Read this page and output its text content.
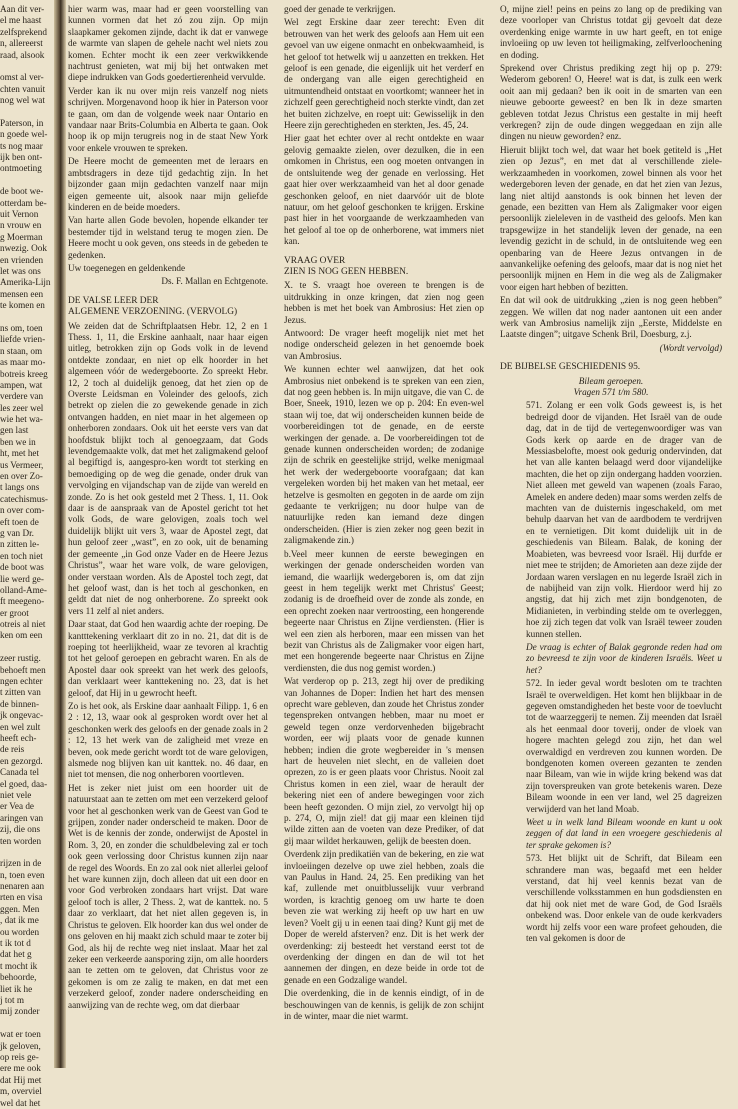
Aan dit ver-
el me haast
zelfsprekend
n, allereerst
raad, alsook
omst al ver-
chten vanuit
nog wel wat
Paterson, in
n goede wel-
ts nog maar
ijk ben ont-
ontmoeting
de boot we-
otterdam be-
uit Vernon
n vrouw en
g Moerman
nwezig. Ook
en vrienden
let was ons
Amerika-Lijn
mensen een
te komen en
ns om, toen
liefde vrien-
n staan, om
as maar mo-
botreis kreeg
ampen, wat
verdere van
les zeer wel
wie het wa-
gen last
ben we in
ht, met het
us Vermeer,
en over Zo-
t langs ons
catechismus-
n over com-
eft toen de
g van Dr.
n zitten le-
en toch niet
de boot was
lie werd ge-
olland-Ame-
ft meegeno-
er groot
otreis al niet
ken om een
zeer rustig.
behoeft men
ngen echter
t zitten van
de binnen-
jk ongevac-
en wel zult
heeft ech-
de reis
en gezorgd.
Canada tel
el goed, daa-
niet vele
er Vea de
aringen van
zij, die ons
ten worden
rijzen in de
n, toen even
nenaren aan
rten en visa
ggen. Men
, dat ik me
ou worden
t ik tot d
dat het g
t mocht ik
behoorde,
liet ik he
j tot m
mij zonder
wat er toen
jk geloven,
op reis ge-
ere me ook
dat Hij met
m, overviel
wel dat het

hier warm was, maar had er geen voorstelling van kunnen vormen dat het zó zou zijn. Op mijn slaapkamer gekomen zijnde, dacht ik dat er vanwege de warmte van slapen de gehele nacht wel niets zou komen. Echter mocht ik een zeer verkwikkende nachtrust genieten, wat mij bij het ontwaken met diepe indrukken van Gods goedertierenheid vervulde.

Verder kan ik nu over mijn reis vanzelf nog niets schrijven. Morgenavond hoop ik hier in Paterson voor te gaan, om dan de volgende week naar Ontario en vandaar naar Brits-Columbia en Alberta te gaan. Ook hoop ik op mijn terugreis nog in de staat New York voor enkele vrouwen te spreken.

De Heere mocht de gemeenten met de leraars en ambtsdragers in deze tijd gedachtig zijn. In het bijzonder gaan mijn gedachten vanzelf naar mijn eigen gemeente uit, alsook naar mijn geliefde kinderen en de beide moeders.

Van harte allen Gode bevolen, hopende elkander ter bestemder tijd in welstand terug te mogen zien. De Heere mocht u ook geven, ons steeds in de gebeden te gedenken.

Uw toegenegen en geldenkende

Ds. F. Mallan en Echtgenote.

DE VALSE LEER DER

ALGEMENE VERZOENING. (VERVOLG)

We zeiden dat de Schriftplaatsen Hebr. 12, 2 en 1 Thess. 1, 11, die Erskine aanhaalt, naar haar eigen uitleg, betrokken zijn op Gods volk in de levend ontdekte zondaar, en niet op elk hoorder in het algemeen vóór de wedergeboorte. Zo spreekt Hebr. 12, 2 toch al duidelijk genoeg, dat het zien op de Overste Leidsman en Voleinder des geloofs, zich betrekt op zielen die zo gewekende genade in zich ontvangen hadden, en niet maar in het algemeen op onherboren zondaars. Ook uit het eerste vers van dat hoofdstuk blijkt toch al genoegzaam, dat Gods levendgemaakte volk, dat met het zaligmakend geloof al begiftigd is, aangespro-ken wordt tot sterking en bemoediging op de weg die genade, onder druk van vervolging en vijandschap van de zijde van wereld en zonde. Zo is het ook gesteld met 2 Thess. 1, 11. Ook daar is de aanspraak van de Apostel gericht tot het volk Gods, de ware gelovigen, zoals toch wel duidelijk blijkt uit vers 3, waar de Apostel zegt, dat hun geloof zeer „wast”, en zo ook, uit de benaming der gemeente „in God onze Vader en de Heere Jezus Christus”, waar het ware volk, de ware gelovigen, onder verstaan worden. Als de Apostel toch zegt, dat het geloof wast, dan is het toch al geschonken, en geldt dat niet de nog onherborene. Zo spreekt ook vers 11 zelf al niet anders.

Daar staat, dat God hen waardig achte der roeping. De kantttekening verklaart dit zo in no. 21, dat dit is de roeping tot heerlijkheid, waar ze tevoren al krachtig tot het geloof geroepen en gebracht waren. En als de Apostel daar ook spreekt van het werk des geloofs, dan verklaart weer kanttekening no. 23, dat is het geloof, dat Hij in u gewrocht heeft.

Zo is het ook, als Erskine daar aanhaalt Filipp. 1, 6 en 2 : 12, 13, waar ook al gesproken wordt over het al geschonken werk des geloofs en der genade zoals in 2 : 12, 13 het werk van de zaligheid met vreze en beven, ook mede gericht wordt tot de ware gelovigen, alsmede nog blijven kan uit kanttek. no. 46 daar, en niet tot mensen, die nog onherboren voortleven.

Het is zeker niet juist om een hoorder uit de natuurstaat aan te zetten om met een verzekerd geloof voor het al geschonken werk van de Geest van God te grijpen, zonder nader onderscheid te maken. Door de Wet is de kennis der zonde, onderwijst de Apostel in Rom. 3, 20, en zonder die schuldbeleving zal er toch ook geen verlossing door Christus kunnen zijn naar de regel des Woords. En zo zal ook niet allerlei geloof het ware kunnen zijn, doch alleen dat uit een door en voor God verbroken zondaars hart vrijst. Dat ware geloof toch is aller, 2 Thess. 2, wat de kanttek. no. 5 daar zo verklaart, dat het niet allen gegeven is, in Christus te geloven. Elk hoorder kan dus wel onder de ons geloven en hij maakt zich schuld maar te zoter bij God, als hij de rechte weg niet inslaat. Maar het zal zeker een verkeerde aansporing zijn, om alle hoorders aan te zetten om te geloven, dat Christus voor ze gekomen is om ze zalig te maken, en dat met een verzekerd geloof, zonder nadere onderscheiding en aanwijzing van de rechte weg, om dat dierbaar

goed der genade te verkrijgen.

Wel zegt Erskine daar zeer terecht: Even dit betrouwen van het werk des geloofs aan Hem uit een gevoel van uw eigene onmacht en onbekwaamheid, is het geloof tot hetwelk wij u aanzetten en trekken. Het geloof is een genade, die eigenlijk uit het verderf en de ondergang van alle eigen gerechtigheid en uitmuntendheid ontstaat en voortkomt; wanneer het in zichzelf geen gerechtigheid noch sterkte vindt, dan zet het buiten zichzelve, en roept uit: Gewisselijk in den Heere zijn gerechtigheden en sterkten, Jes. 45, 24.

Hier gaat het echter over al recht ontdekte en waar gelovig gemaakte zielen, over dezulken, die in een omkomen in Christus, een oog moeten ontvangen in de ontsluitende weg der genade en verlossing. Het gaat hier over werkzaamheid van het al door genade geschonken geloof, en niet daarvóór uit de blote natuur, om het geloof geschonken te krijgen. Erskine past hier in het voorgaande de werkzaamheden van het geloof al toe op de onherborene, wat immers niet kan.

VRAAG OVER

ZIEN IS NOG GEEN HEBBEN.

X. te S. vraagt hoe overeen te brengen is de uitdrukking in onze kringen, dat zien nog geen hebben is met het boek van Ambrosius: Het zien op Jezus.

Antwoord: De vrager heeft mogelijk niet met het nodige onderscheid gelezen in het genoemde boek van Ambrosius.

We kunnen echter wel aanwijzen, dat het ook Ambrosius niet onbekend is te spreken van een zien, dat nog geen hebben is. In mijn uitgave, die van C. de Boer, Sneek, 1910, lezen we op p. 204: En even-wel staan wij toe, dat wij onderscheiden kunnen beide de voorbereidingen tot de genade, en de eerste werkingen der genade. a. De voorbereidingen tot de genade kunnen onderscheiden worden; de zodanige zijn de schrik en geestelijke strijd, welke menigmaal het werk der wedergeboorte voorafgaan; dat kan vergeleken worden bij het maken van het metaal, eer hetzelve is gesmolten en gegoten in de aarde om zijn gedaante te verkrijgen; nu door hulpe van de natuurlijke reden kan iemand deze dingen onderscheiden. (Hier is zien zeker nog geen bezit in zaligmakende zin.)

b.Veel meer kunnen de eerste bewegingen en werkingen der genade onderscheiden worden van iemand, die waarlijk wedergeboren is, om dat zijn geest in hem tegelijk werkt met Christus' Geest; zodanig is de droefheid over de zonde als zonde, en een oprecht zoeken naar vertroosting, een hongerende begeerte naar Christus en Zijne verdiensten. (Hier is wel een zien als herboren, maar een missen van het bezit van Christus als de Zaligmaker voor eigen hart, met een hongerende begeerte naar Christus en Zijne verdiensten, die dus nog gemist worden.)

Wat verderop op p. 213, zegt hij over de prediking van Johannes de Doper: Indien het hart des mensen oprecht ware gebleven, dan zoude het Christus zonder tegenspreken ontvangen hebben, maar nu moet er geweld tegen onze verdorvenheden bijgebracht worden, eer wij plaats voor de genade kunnen hebben; indien die grote wegbereider in 's mensen hart de heuvelen niet slecht, en de valleien doet oprezen, zo is er geen plaats voor Christus. Nooit zal Christus komen in een ziel, waar de herault der bekering niet een of andere bewegingen voor zich been heeft gezonden. O mijn ziel, zo vervolgt hij op p. 274, O, mijn ziel! dat gij maar een kleinen tijd wilde zitten aan de voeten van deze Prediker, of dat gij maar wildet herkauwen, gelijk de beesten doen.

Overdenk zijn predikatiën van de bekering, en zie wat invloeiingen dezelve op uwe ziel hebben, zoals die van Paulus in Hand. 24, 25. Een prediking van het kaf, zullende met onuitblusselijk vuur verbrand worden, is krachtig genoeg om uw harte te doen beven zie wat werking zij heeft op uw hart en uw leven? Voelt gij u in eenen taai ding? Kunt gij met de Doper de wereld afsterven? enz. Dit is het werk der overdenking: zij besteedt het verstand eerst tot de overdenking der dingen en dan de wil tot het aannemen der dingen, en deze beide in orde tot de genade en een Godzalige wandel.

Die overdenking, die in de kennis eindigt, of in de beschouwingen van de kennis, is gelijk de zon schijnt in de winter, maar die niet warmt.

O, mijne ziel! peins en peins zo lang op de prediking van deze voorloper van Christus totdat gij gevoelt dat deze overdenking enige warmte in uw hart geeft, en tot enige invloeiing op uw leven tot heiligmaking, zelfverloochening en doding.

Sprekend over Christus prediking zegt hij op p. 279: Wederom geboren! O, Heere! wat is dat, is zulk een werk ooit aan mij gedaan? ben ik ooit in de smarten van een nieuwe geboorte geweest? en ben Ik in deze smarten gebleven totdat Jezus Christus een gestalte in mij heeft verkregen? zijn de oude dingen weggedaan en zijn alle dingen nu nieuw geworden? enz.

Hieruit blijkt toch wel, dat waar het boek getiteld is „Het zien op Jezus”, en met dat al verschillende ziele-werkzaamheden in voorkomen, zowel binnen als voor het wedergeboren leven der genade, en dat het zien van Jezus, lang niet altijd aanstonds is ook binnen het leven der genade, een bezitten van Hem als Zaligmaker voor eigen persoonlijk zieleleven in de vastheid des geloofs. Men kan trapsgewijze in het standelijk leven der genade, na een levendig gezicht in de schuld, in de ontsluitende weg een openbaring van de Heere Jezus ontvangen in de aanvankelijke oefening des geloofs, maar dat is nog niet het persoonlijk mijnen en Hem in die weg als de Zaligmaker voor eigen hart hebben of bezitten.

En dat wil ook de uitdrukking „zien is nog geen hebben” zeggen. We willen dat nog nader aantonen uit een ander werk van Ambrosius namelijk zijn „Eerste, Middelste en Laatste dingen”; uitgave Schenk Bril, Doesburg, z.j.

(Wordt vervolgd)

DE BIJBELSE GESCHIEDENIS 95.

Bileam geroepen.

Vragen 571 t/m 580.

571. Zolang er een volk Gods geweest is, is het bedreigd door de vijanden. Het Israël van de oude dag, dat in de tijd de vertegenwoordiger was van Gods kerk op aarde en de drager van de Messiasbelofte, moest ook gedurig ondervinden, dat het van alle kanten belaagd werd door vijandelijke machten, die het op zijn ondergang hadden voorzien. Niet alleen met geweld van wapenen (zoals Farao, Amelek en andere deden) maar soms werden zelfs de machten van de duisternis ingeschakeld, om met behulp daarvan het van de aardbodem te verdrijven en te vernietigen. Dit komt duidelijk uit in de geschiedenis van Bileam. Balak, de koning der Moabieten, was bevreesd voor Israël. Hij durfde er niet mee te strijden; de Amorieten aan deze zijde der Jordaan waren verslagen en nu legerde Israël zich in de nabijheid van zijn volk. Hierdoor werd hij zo angstig, dat hij zich met zijn bondgenoten, de Midianieten, in verbinding stelde om te overleggen, hoe zij zich tegen dat volk van Israël teweer zouden kunnen stellen.

De vraag is echter of Balak gegronde reden had om zo bevreesd te zijn voor de kinderen Israëls. Weet u het?

572. In ieder geval wordt besloten om te trachten Israël te overweldigen. Het komt hen blijkbaar in de gegeven omstandigheden het beste voor de toevlucht tot de waarzeggerij te nemen. Zij meenden dat Israël als het eenmaal door toverij, onder de vloek van hogere machten gelegd zou zijn, het dan wel overwaldigd en verdreven zou kunnen worden. De bondgenoten komen overeen gezanten te zenden naar Bileam, van wie in wijde kring bekend was dat zijn toverspreuken van grote betekenis waren. Deze Bileam woonde in een ver land, wel 25 dagreizen verwijderd van het land Moab.

Weet u in welk land Bileam woonde en kunt u ook zeggen of dat land in een vroegere geschiedenis al ter sprake gekomen is?

573. Het blijkt uit de Schrift, dat Bileam een schrandere man was, begaafd met een helder verstand, dat hij veel kennis bezat van de verschillende volksstammen en hun godsdiensten en dat hij ook niet met de ware God, de God Israëls onbekend was. Door enkele van de oude kerkvaders wordt hij zelfs voor een ware profeet gehouden, die ten val gekomen is door de
